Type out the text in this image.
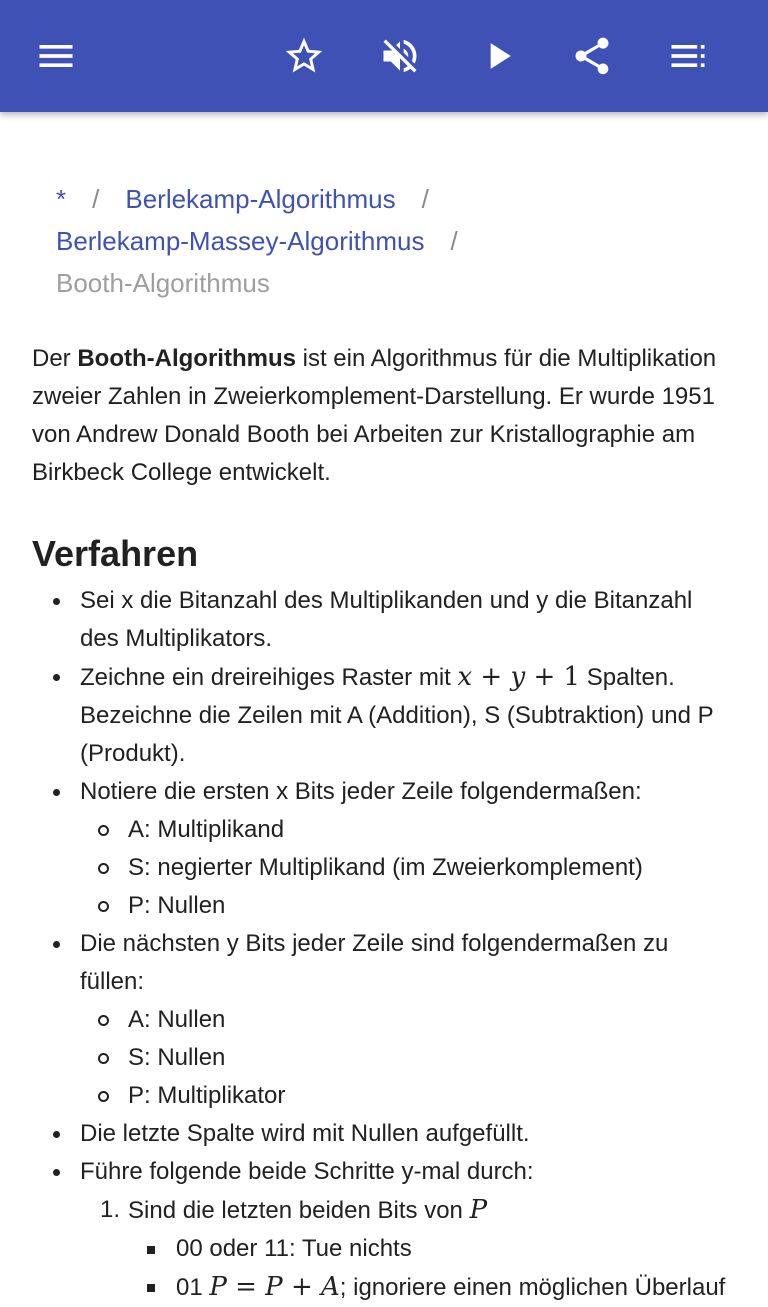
* / Berlekamp-Algorithmus /
Berlekamp-Massey-Algorithmus /
Booth-Algorithmus

Der Booth-Algorithmus ist ein Algorithmus für die Multiplikation zweier Zahlen in Zweierkomplement-Darstellung. Er wurde 1951 von Andrew Donald Booth bei Arbeiten zur Kristallographie am Birkbeck College entwickelt.

Verfahren
Sei x die Bitanzahl des Multiplikanden und y die Bitanzahl des Multiplikators.
Zeichne ein dreireihiges Raster mit x + y + 1 Spalten. Bezeichne die Zeilen mit A (Addition), S (Subtraktion) und P (Produkt).
Notiere die ersten x Bits jeder Zeile folgendermaßen:
A: Multiplikand
S: negierter Multiplikand (im Zweierkomplement)
P: Nullen
Die nächsten y Bits jeder Zeile sind folgendermaßen zu füllen:
A: Nullen
S: Nullen
P: Multiplikator
Die letzte Spalte wird mit Nullen aufgefüllt.
Führe folgende beide Schritte y-mal durch:
1. Sind die letzten beiden Bits von P
00 oder 11: Tue nichts
01 P = P + A; ignoriere einen möglichen Überlauf
